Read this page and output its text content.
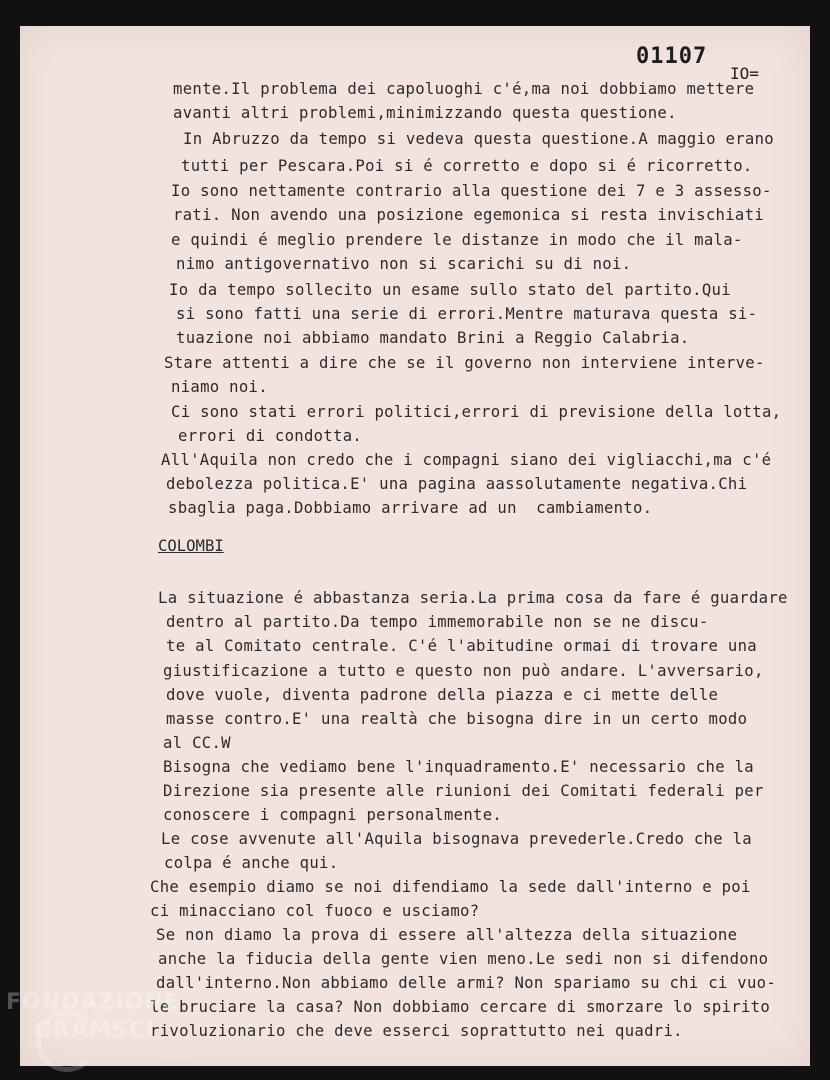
01107
IO=
mente.Il problema dei capoluoghi c'é,ma noi dobbiamo mettere
avanti altri problemi,minimizzando questa questione.
In Abruzzo da tempo si vedeva questa questione.A maggio erano
tutti per Pescara.Poi si é corretto e dopo si é ricorretto.
Io sono nettamente contrario alla questione dei 7 e 3 assesso-
rati. Non avendo una posizione egemonica si resta invischiati
e quindi é meglio prendere le distanze in modo che il mala-
nimo antigovernativo non si scarichi su di noi.
Io da tempo sollecito un esame sullo stato del partito.Qui
si sono fatti una serie di errori.Mentre maturava questa si-
tuazione noi abbiamo mandato Brini a Reggio Calabria.
Stare attenti a dire che se il governo non interviene interve-
niamo noi.
Ci sono stati errori politici,errori di previsione della lotta,
errori di condotta.
All'Aquila non credo che i compagni siano dei vigliacchi,ma c'é
debolezza politica.E' una pagina aassolutamente negativa.Chi
sbaglia paga.Dobbiamo arrivare ad un  cambiamento.
COLOMBI
La situazione é abbastanza seria.La prima cosa da fare é guardare
dentro al partito.Da tempo immemorabile non se ne discu-
te al Comitato centrale. C'é l'abitudine ormai di trovare una
giustificazione a tutto e questo non può andare. L'avversario,
dove vuole, diventa padrone della piazza e ci mette delle
masse contro.E' una realtà che bisogna dire in un certo modo
al CC.W
Bisogna che vediamo bene l'inquadramento.E' necessario che la
Direzione sia presente alle riunioni dei Comitati federali per
conoscere i compagni personalmente.
Le cose avvenute all'Aquila bisognava prevederle.Credo che la
colpa é anche qui.
Che esempio diamo se noi difendiamo la sede dall'interno e poi
ci minacciano col fuoco e usciamo?
Se non diamo la prova di essere all'altezza della situazione
anche la fiducia della gente vien meno.Le sedi non si difendono
dall'interno.Non abbiamo delle armi? Non spariamo su chi ci vuo-
le bruciare la casa? Non dobbiamo cercare di smorzare lo spirito
rivoluzionario che deve esserci soprattutto nei quadri.
FONDAZIONE
GRAMSCI
onlus
